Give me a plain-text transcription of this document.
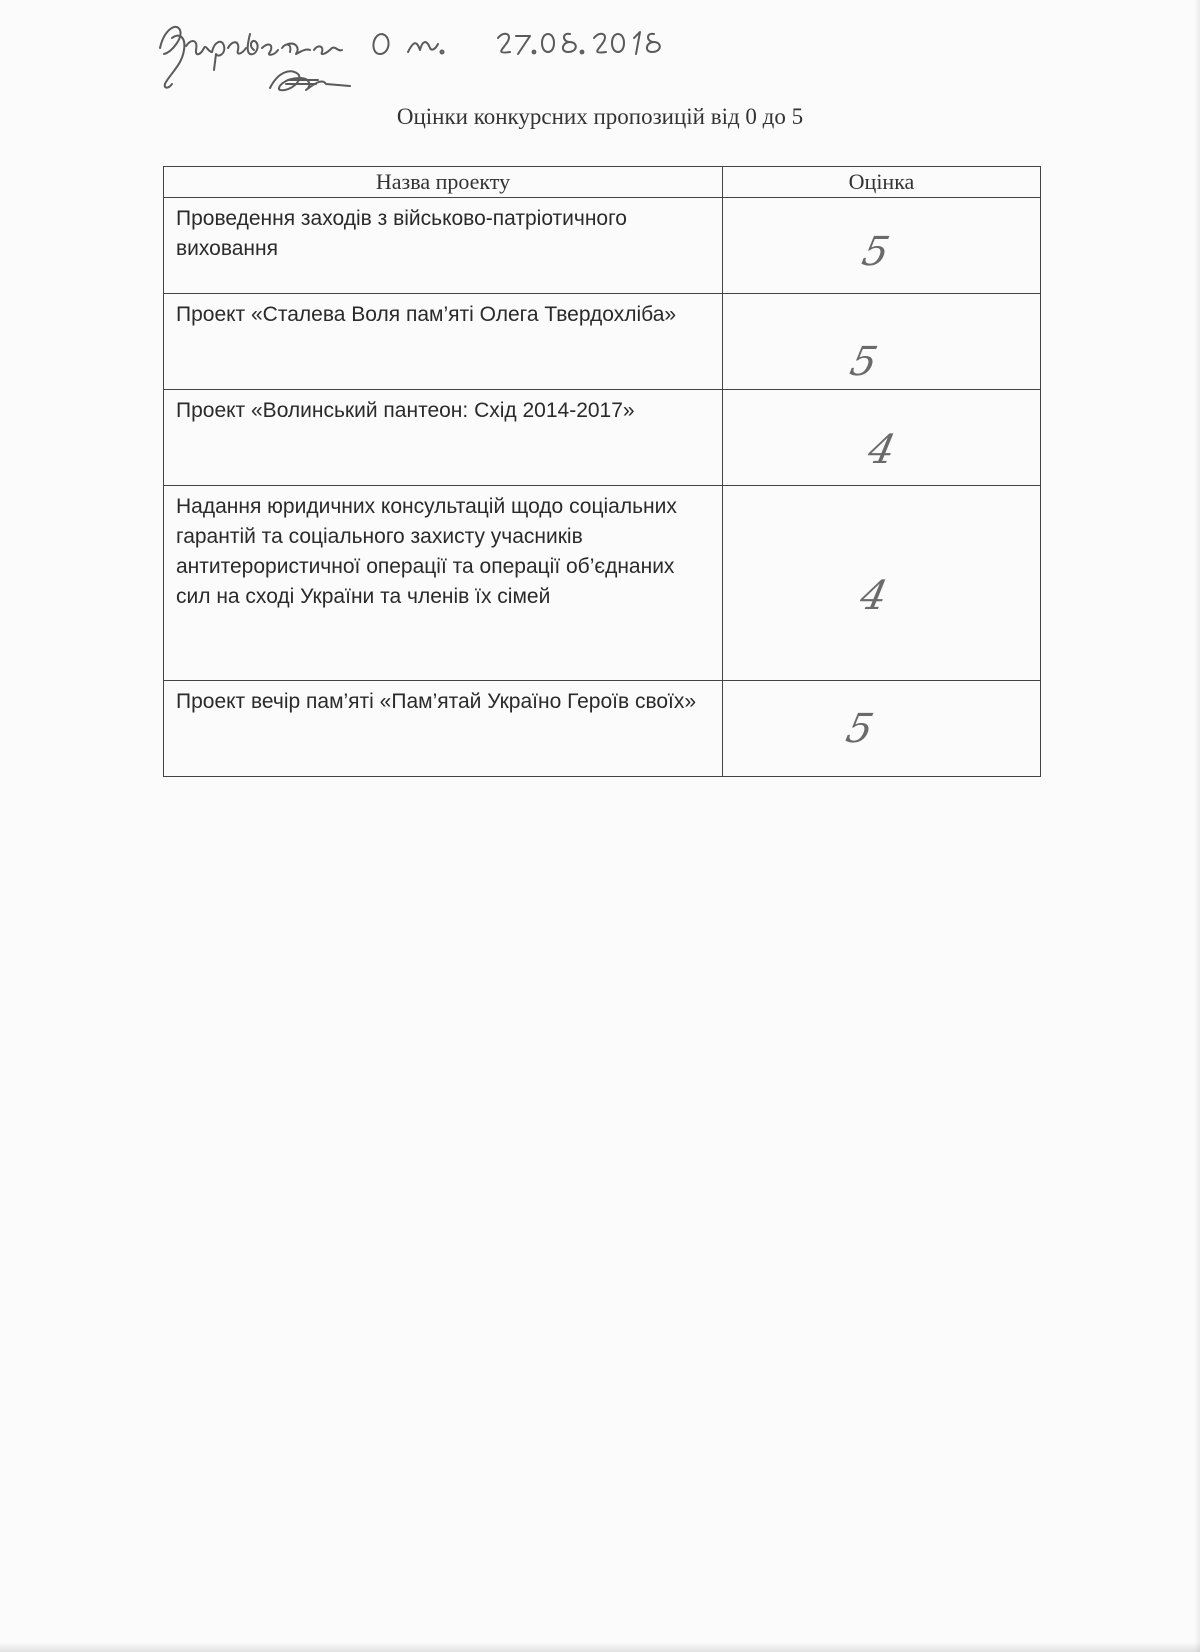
Оцінки конкурсних пропозицій від 0 до 5
Назва проекту	Оцінка
Проведення заходів з військово-патріотичного виховання	5

Проект «Сталева Воля пам’яті Олега Твердохліба»	5

Проект «Волинський пантеон: Схід 2014-2017»	4

Надання юридичних консультацій щодо соціальних гарантій та соціального захисту учасників антитерористичної операції та операції об’єднаних сил на сході України та членів їх сімей	4

Проект вечір пам’яті «Пам’ятай Україно Героїв своїх»	5
